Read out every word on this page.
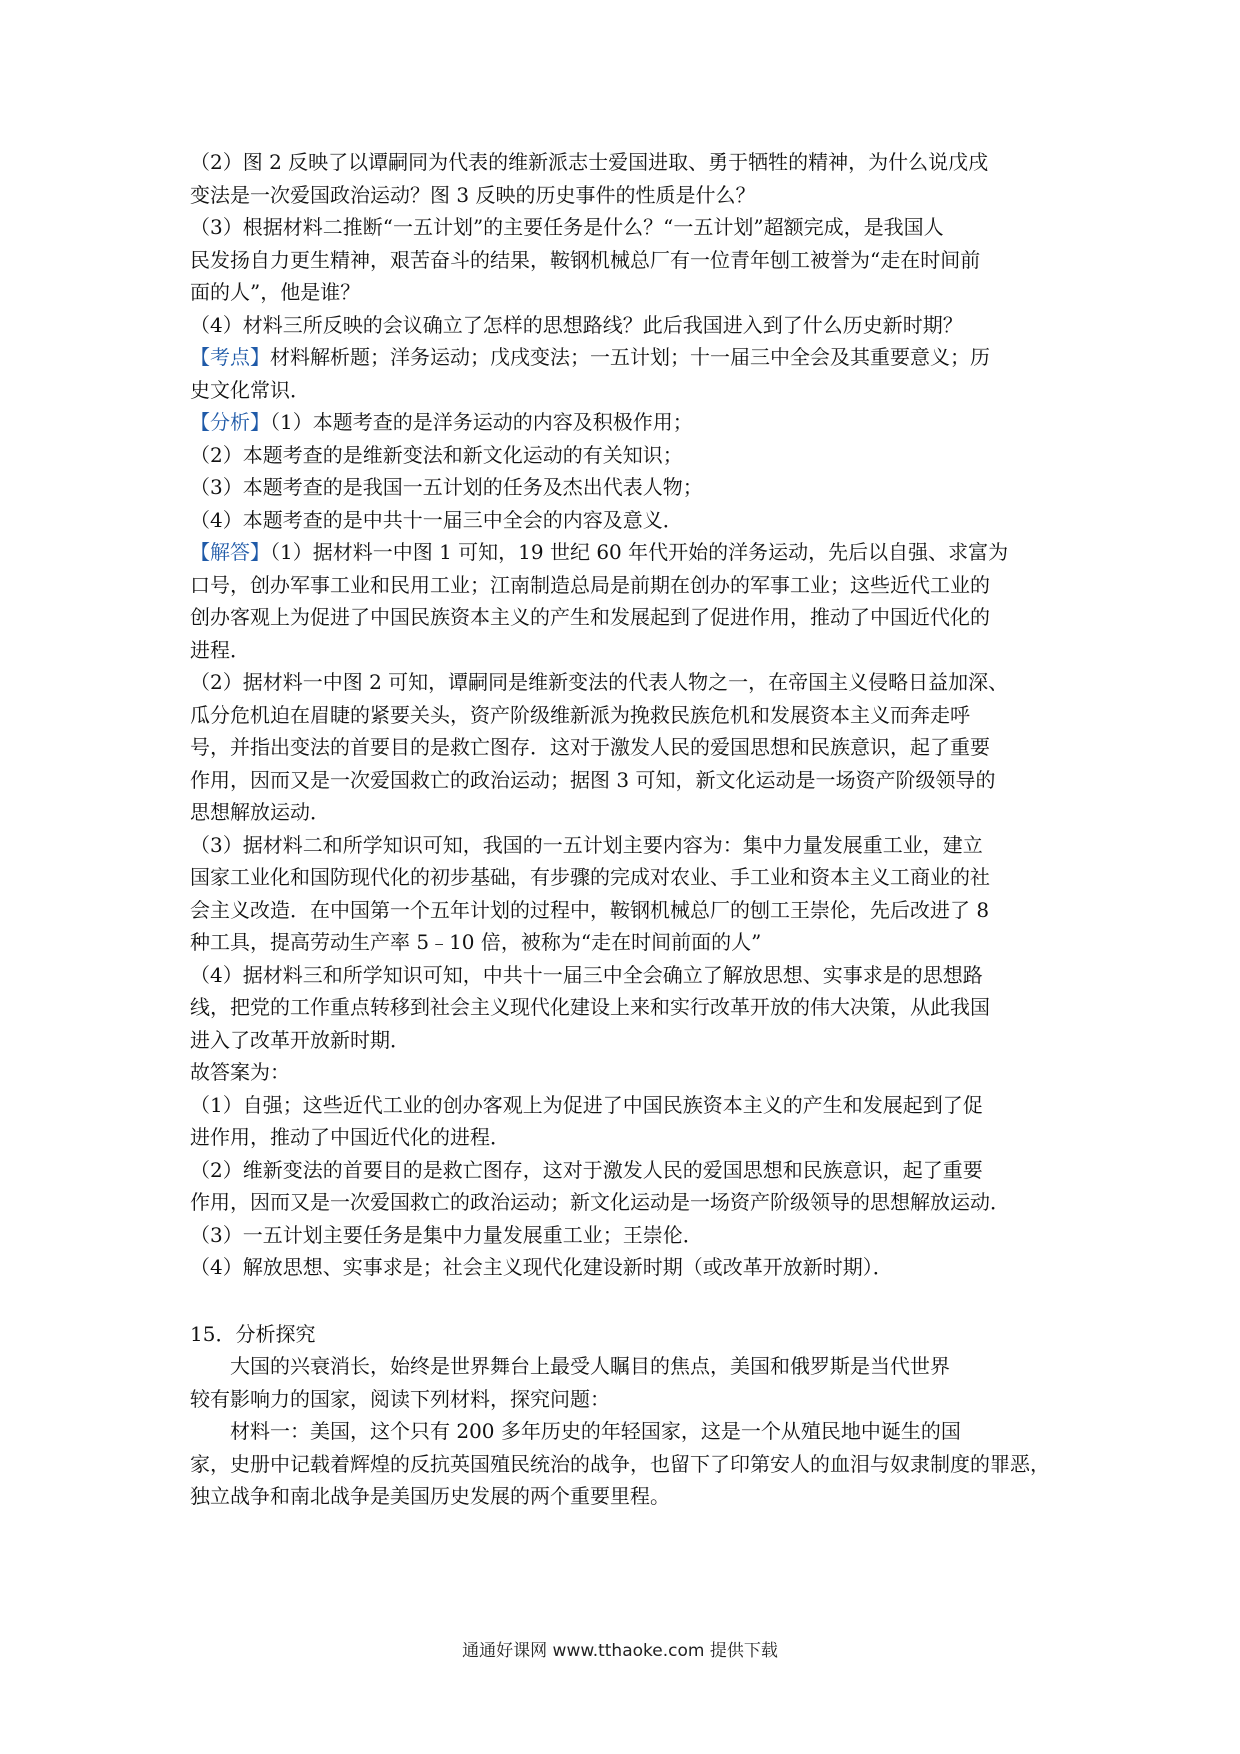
（2）图 2 反映了以谭嗣同为代表的维新派志士爱国进取、勇于牺牲的精神，为什么说戊戌
变法是一次爱国政治运动？图 3 反映的历史事件的性质是什么？
（3）根据材料二推断“一五计划”的主要任务是什么？“一五计划”超额完成，是我国人
民发扬自力更生精神，艰苦奋斗的结果，鞍钢机械总厂有一位青年刨工被誉为“走在时间前
面的人”，他是谁？
（4）材料三所反映的会议确立了怎样的思想路线？此后我国进入到了什么历史新时期？
【考点】材料解析题；洋务运动；戊戌变法；一五计划；十一届三中全会及其重要意义；历
史文化常识．
【分析】（1）本题考查的是洋务运动的内容及积极作用；
（2）本题考查的是维新变法和新文化运动的有关知识；
（3）本题考查的是我国一五计划的任务及杰出代表人物；
（4）本题考查的是中共十一届三中全会的内容及意义．
【解答】（1）据材料一中图 1 可知，19 世纪 60 年代开始的洋务运动，先后以自强、求富为
口号，创办军事工业和民用工业；江南制造总局是前期在创办的军事工业；这些近代工业的
创办客观上为促进了中国民族资本主义的产生和发展起到了促进作用，推动了中国近代化的
进程．
（2）据材料一中图 2 可知，谭嗣同是维新变法的代表人物之一，在帝国主义侵略日益加深、
瓜分危机迫在眉睫的紧要关头，资产阶级维新派为挽救民族危机和发展资本主义而奔走呼
号，并指出变法的首要目的是救亡图存．这对于激发人民的爱国思想和民族意识，起了重要
作用，因而又是一次爱国救亡的政治运动；据图 3 可知，新文化运动是一场资产阶级领导的
思想解放运动．
（3）据材料二和所学知识可知，我国的一五计划主要内容为：集中力量发展重工业，建立
国家工业化和国防现代化的初步基础，有步骤的完成对农业、手工业和资本主义工商业的社
会主义改造．在中国第一个五年计划的过程中，鞍钢机械总厂的刨工王崇伦，先后改进了 8
种工具，提高劳动生产率 5﹣10 倍，被称为“走在时间前面的人”
（4）据材料三和所学知识可知，中共十一届三中全会确立了解放思想、实事求是的思想路
线，把党的工作重点转移到社会主义现代化建设上来和实行改革开放的伟大决策，从此我国
进入了改革开放新时期．
故答案为：
（1）自强；这些近代工业的创办客观上为促进了中国民族资本主义的产生和发展起到了促
进作用，推动了中国近代化的进程．
（2）维新变法的首要目的是救亡图存，这对于激发人民的爱国思想和民族意识，起了重要
作用，因而又是一次爱国救亡的政治运动；新文化运动是一场资产阶级领导的思想解放运动．
（3）一五计划主要任务是集中力量发展重工业；王崇伦．
（4）解放思想、实事求是；社会主义现代化建设新时期（或改革开放新时期）．
15．分析探究
大国的兴衰消长，始终是世界舞台上最受人瞩目的焦点，美国和俄罗斯是当代世界
较有影响力的国家，阅读下列材料，探究问题：
材料一：美国，这个只有 200 多年历史的年轻国家，这是一个从殖民地中诞生的国
家，史册中记载着辉煌的反抗英国殖民统治的战争，也留下了印第安人的血泪与奴隶制度的罪恶，
独立战争和南北战争是美国历史发展的两个重要里程。
通通好课网 www.tthaoke.com 提供下载
